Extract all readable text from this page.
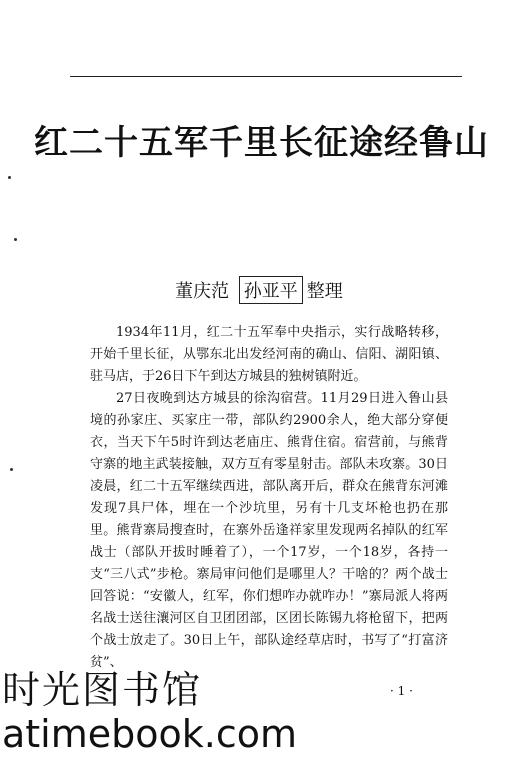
红二十五军千里长征途经鲁山
董庆范 孙亚平 整理

1934年11月，红二十五军奉中央指示，实行战略转移，开始千里长征，从鄂东北出发经河南的确山、信阳、湖阳镇、驻马店，于26日下午到达方城县的独树镇附近。

27日夜晚到达方城县的徐沟宿营。11月29日进入鲁山县境的孙家庄、买家庄一带，部队约2900余人，绝大部分穿便衣，当天下午5时许到达老庙庄、熊背住宿。宿营前，与熊背守寨的地主武装接触，双方互有零星射击。部队未攻寨。30日凌晨，红二十五军继续西进，部队离开后，群众在熊背东河滩发现7具尸体，埋在一个沙坑里，另有十几支坏枪也扔在那里。熊背寨局搜查时，在寨外岳逢祥家里发现两名掉队的红军战士（部队开拔时睡着了），一个17岁，一个18岁，各持一支“三八式”步枪。寨局审问他们是哪里人？干啥的？两个战士回答说：“安徽人，红军，你们想咋办就咋办！”寨局派人将两名战士送往瀼河区自卫团团部，区团长陈锡九将枪留下，把两个战士放走了。30日上午，部队途经草店时，书写了“打富济贫”、

· 1 ·
时光图书馆
atimebook.com
